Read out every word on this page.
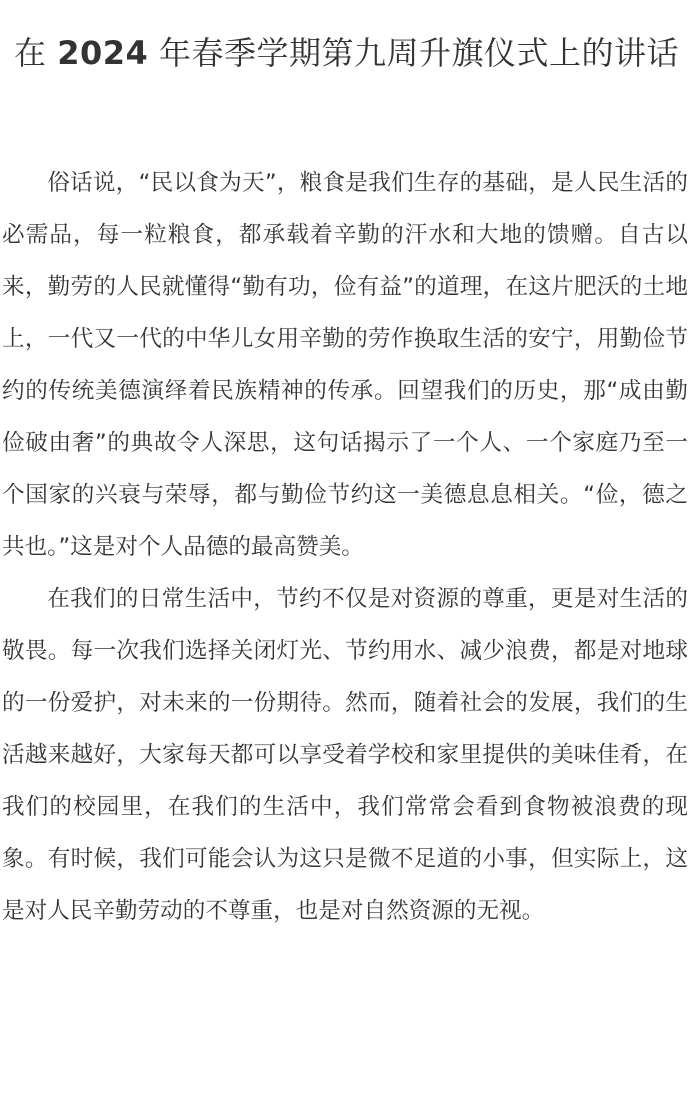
在 2024 年春季学期第九周升旗仪式上的讲话

俗话说，“民以食为天”，粮食是我们生存的基础，是人民生活的必需品，每一粒粮食，都承载着辛勤的汗水和大地的馈赠。自古以来，勤劳的人民就懂得“勤有功，俭有益”的道理，在这片肥沃的土地上，一代又一代的中华儿女用辛勤的劳作换取生活的安宁，用勤俭节约的传统美德演绎着民族精神的传承。回望我们的历史，那“成由勤俭破由奢”的典故令人深思，这句话揭示了一个人、一个家庭乃至一个国家的兴衰与荣辱，都与勤俭节约这一美德息息相关。“俭，德之共也。”这是对个人品德的最高赞美。

在我们的日常生活中，节约不仅是对资源的尊重，更是对生活的敬畏。每一次我们选择关闭灯光、节约用水、减少浪费，都是对地球的一份爱护，对未来的一份期待。然而，随着社会的发展，我们的生活越来越好，大家每天都可以享受着学校和家里提供的美味佳肴，在我们的校园里，在我们的生活中，我们常常会看到食物被浪费的现象。有时候，我们可能会认为这只是微不足道的小事，但实际上，这是对人民辛勤劳动的不尊重，也是对自然资源的无视。
